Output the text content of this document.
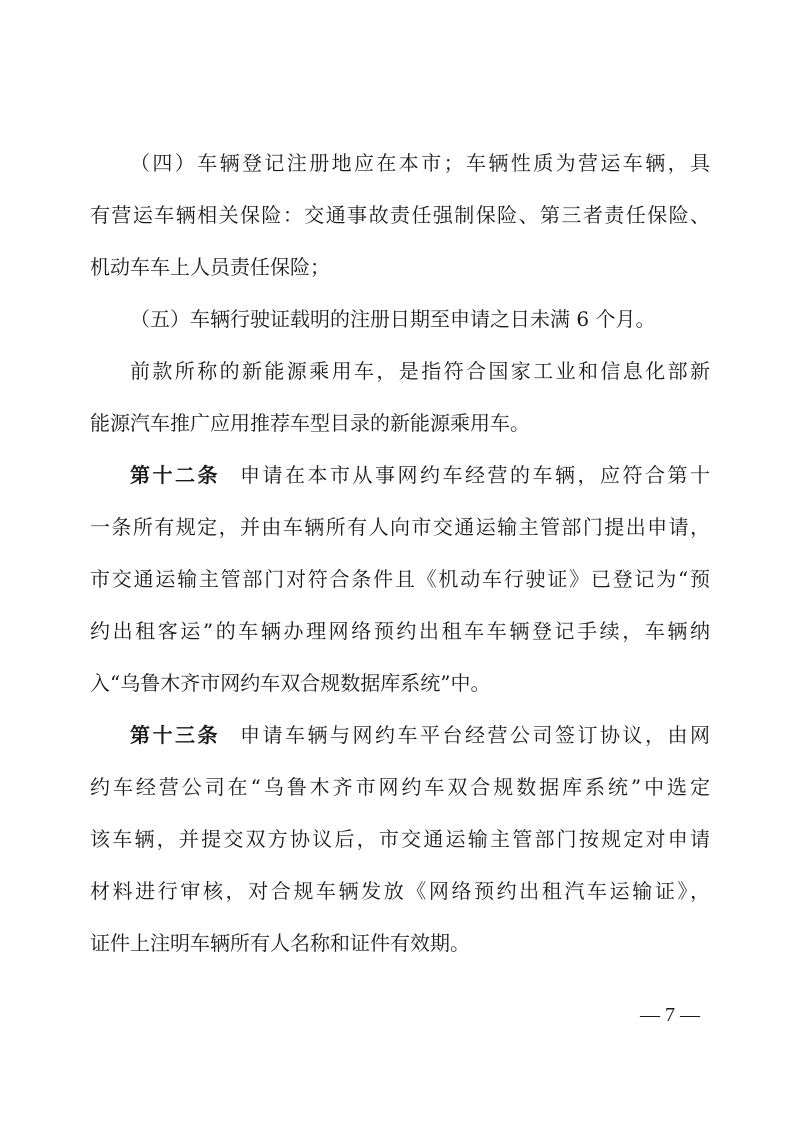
（四）车辆登记注册地应在本市；车辆性质为营运车辆，具
有营运车辆相关保险：交通事故责任强制保险、第三者责任保险、
机动车车上人员责任保险；
（五）车辆行驶证载明的注册日期至申请之日未满 6 个月。
前款所称的新能源乘用车，是指符合国家工业和信息化部新
能源汽车推广应用推荐车型目录的新能源乘用车。
第十二条 申请在本市从事网约车经营的车辆，应符合第十
一条所有规定，并由车辆所有人向市交通运输主管部门提出申请，
市交通运输主管部门对符合条件且《机动车行驶证》已登记为“预
约出租客运”的车辆办理网络预约出租车车辆登记手续，车辆纳
入“乌鲁木齐市网约车双合规数据库系统”中。
第十三条 申请车辆与网约车平台经营公司签订协议，由网
约车经营公司在“乌鲁木齐市网约车双合规数据库系统”中选定
该车辆，并提交双方协议后，市交通运输主管部门按规定对申请
材料进行审核，对合规车辆发放《网络预约出租汽车运输证》，
证件上注明车辆所有人名称和证件有效期。
— 7 —
